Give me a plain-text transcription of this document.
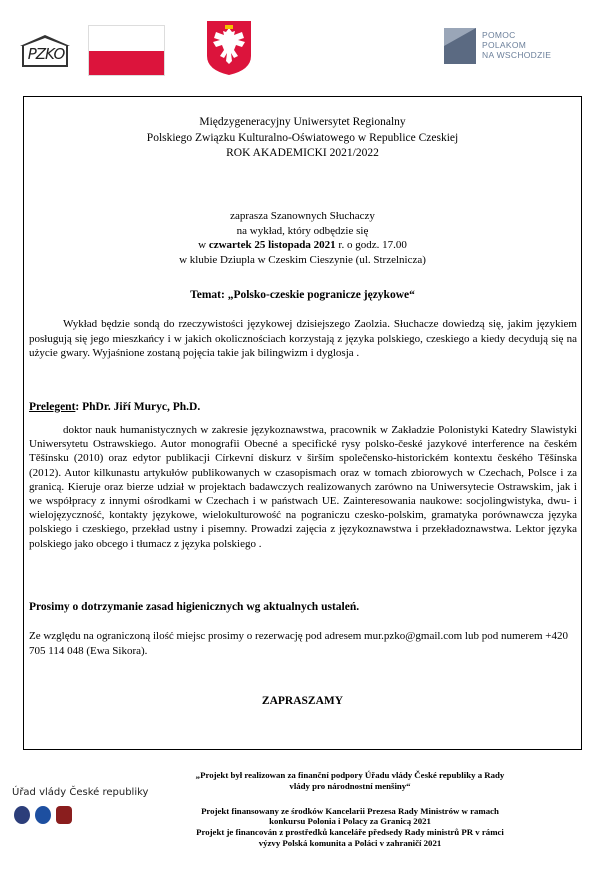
PZKO
POMOC
POLAKOM
NA WSCHODZIE

Międzygeneracyjny Uniwersytet Regionalny

Polskiego Związku Kulturalno-Oświatowego w Republice Czeskiej

ROK AKADEMICKI 2021/2022

zaprasza Szanownych Słuchaczy

na wykład, który odbędzie się

w czwartek 25 listopada 2021 r. o godz. 17.00

w klubie Dziupla w Czeskim Cieszynie (ul. Strzelnicza)

Temat: „Polsko-czeskie pogranicze językowe“
Wykład będzie sondą do rzeczywistości językowej dzisiejszego Zaolzia. Słuchacze dowiedzą się, jakim językiem posługują się jego mieszkańcy i w jakich okolicznościach korzystają z języka polskiego, czeskiego a kiedy decydują się na użycie gwary. Wyjaśnione zostaną pojęcia takie jak bilingwizm i dyglosja .
Prelegent: PhDr. Jiří Muryc, Ph.D.
doktor nauk humanistycznych w zakresie językoznawstwa, pracownik w Zakładzie Polonistyki Katedry Slawistyki Uniwersytetu Ostrawskiego. Autor monografii Obecné a specifické rysy polsko-české jazykové interference na českém Těšínsku (2010) oraz edytor publikacji Církevní diskurz v širším společensko-historickém kontextu českého Těšínska (2012). Autor kilkunastu artykułów publikowanych w czasopismach oraz w tomach zbiorowych w Czechach, Polsce i za granicą. Kieruje oraz bierze udział w projektach badawczych realizowanych zarówno na Uniwersytecie Ostrawskim, jak i we współpracy z innymi ośrodkami w Czechach i w państwach UE. Zainteresowania naukowe: socjolingwistyka, dwu- i wielojęzyczność, kontakty językowe, wielokulturowość na pograniczu czesko-polskim, gramatyka porównawcza języka polskiego i czeskiego, przekład ustny i pisemny. Prowadzi zajęcia z językoznawstwa i przekładoznawstwa. Lektor języka polskiego jako obcego i tłumacz z języka polskiego .
Prosimy o dotrzymanie zasad higienicznych wg aktualnych ustaleń.
Ze względu na ograniczoną ilość miejsc prosimy o rezerwację pod adresem mur.pzko@gmail.com lub pod numerem +420 705 114 048 (Ewa Sikora).
ZAPRASZAMY
Úřad vlády České republiky

„Projekt był realizowan za finanční podpory Úřadu vlády České republiky a Rady

vlády pro národnostní menšiny“

Projekt finansowany ze środków Kancelarii Prezesa Rady Ministrów w ramach

konkursu Polonia i Polacy za Granicą 2021

Projekt je financován z prostředků kanceláře předsedy Rady ministrů PR v rámci

výzvy Polská komunita a Poláci v zahraničí 2021
